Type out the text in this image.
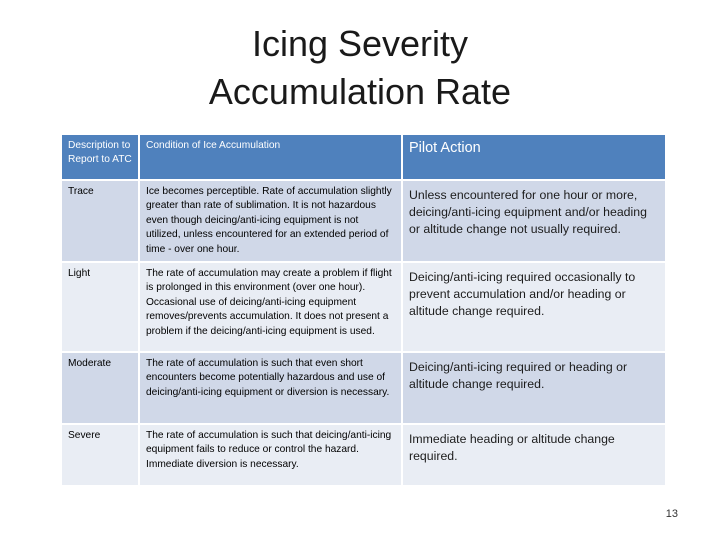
Icing Severity
Accumulation Rate
Description to Report to ATC	Condition of Ice Accumulation	Pilot Action
Trace	Ice becomes perceptible. Rate of accumulation slightly greater than rate of sublimation. It is not hazardous even though deicing/anti-icing equipment is not utilized, unless encountered for an extended period of time - over one hour.	Unless encountered for one hour or more, deicing/anti-icing equipment and/or heading or altitude change not usually required.
Light	The rate of accumulation may create a problem if flight is prolonged in this environment (over one hour). Occasional use of deicing/anti-icing equipment removes/prevents accumulation. It does not present a problem if the deicing/anti-icing equipment is used.	Deicing/anti-icing required occasionally to prevent accumulation and/or heading or altitude change required.
Moderate	The rate of accumulation is such that even short encounters become potentially hazardous and use of deicing/anti-icing equipment or diversion is necessary.	Deicing/anti-icing required or heading or altitude change required.
Severe	The rate of accumulation is such that deicing/anti-icing equipment fails to reduce or control the hazard. Immediate diversion is necessary.	Immediate heading or altitude change required.
13
